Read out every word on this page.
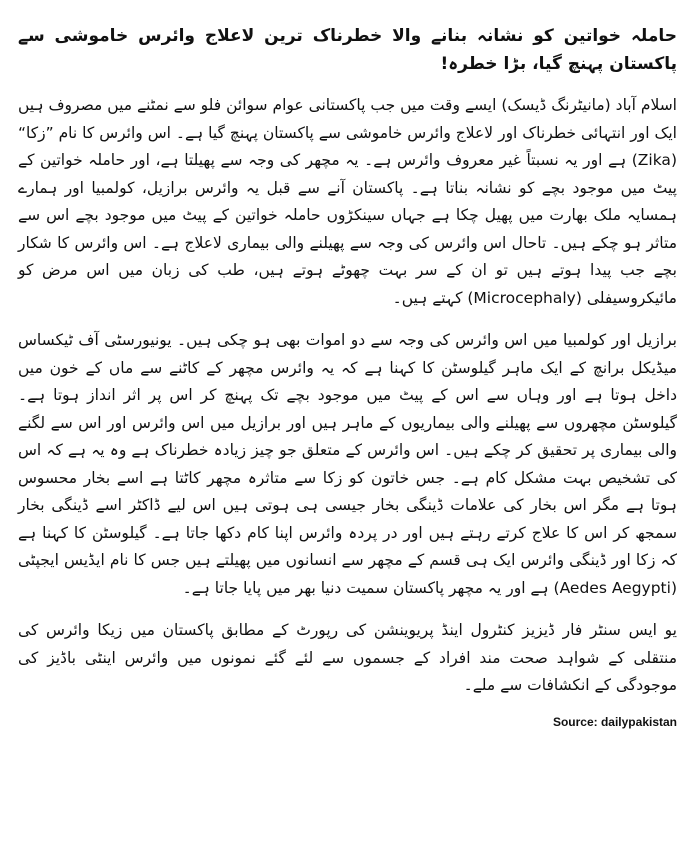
حاملہ خواتین کو نشانہ بنانے والا خطرناک ترین لاعلاج وائرس خاموشی سے پاکستان پہنچ گیا، بڑا خطرہ!
اسلام آباد (مانیٹرنگ ڈیسک) ایسے وقت میں جب پاکستانی عوام سوائن فلو سے نمٹنے میں مصروف ہیں ایک اور انتہائی خطرناک اور لاعلاج وائرس خاموشی سے پاکستان پہنچ گیا ہے۔ اس وائرس کا نام ”زکا“ (Zika) ہے اور یہ نسبتاً غیر معروف وائرس ہے۔ یہ مچھر کی وجہ سے پھیلتا ہے، اور حاملہ خواتین کے پیٹ میں موجود بچے کو نشانہ بناتا ہے۔ پاکستان آنے سے قبل یہ وائرس برازیل، کولمبیا اور ہمارے ہمسایہ ملک بھارت میں پھیل چکا ہے جہاں سینکڑوں حاملہ خواتین کے پیٹ میں موجود بچے اس سے متاثر ہو چکے ہیں۔ تاحال اس وائرس کی وجہ سے پھیلنے والی بیماری لاعلاج ہے۔ اس وائرس کا شکار بچے جب پیدا ہوتے ہیں تو ان کے سر بہت چھوٹے ہوتے ہیں، طب کی زبان میں اس مرض کو مائیکروسیفلی (Microcephaly) کہتے ہیں۔
برازیل اور کولمبیا میں اس وائرس کی وجہ سے دو اموات بھی ہو چکی ہیں۔ یونیورسٹی آف ٹیکساس میڈیکل برانچ کے ایک ماہر گیلوسٹن کا کہنا ہے کہ یہ وائرس مچھر کے کاٹنے سے ماں کے خون میں داخل ہوتا ہے اور وہاں سے اس کے پیٹ میں موجود بچے تک پہنچ کر اس پر اثر انداز ہوتا ہے۔ گیلوسٹن مچھروں سے پھیلنے والی بیماریوں کے ماہر ہیں اور برازیل میں اس وائرس اور اس سے لگنے والی بیماری پر تحقیق کر چکے ہیں۔ اس وائرس کے متعلق جو چیز زیادہ خطرناک ہے وہ یہ ہے کہ اس کی تشخیص بہت مشکل کام ہے۔ جس خاتون کو زکا سے متاثرہ مچھر کاٹتا ہے اسے بخار محسوس ہوتا ہے مگر اس بخار کی علامات ڈینگی بخار جیسی ہی ہوتی ہیں اس لیے ڈاکٹر اسے ڈینگی بخار سمجھ کر اس کا علاج کرتے رہتے ہیں اور در پردہ وائرس اپنا کام دکھا جاتا ہے۔ گیلوسٹن کا کہنا ہے کہ زکا اور ڈینگی وائرس ایک ہی قسم کے مچھر سے انسانوں میں پھیلتے ہیں جس کا نام ایڈیس ایجپٹی (Aedes Aegypti) ہے اور یہ مچھر پاکستان سمیت دنیا بھر میں پایا جاتا ہے۔
یو ایس سنٹر فار ڈیزیز کنٹرول اینڈ پریوینشن کی رپورٹ کے مطابق پاکستان میں زیکا وائرس کی منتقلی کے شواہد صحت مند افراد کے جسموں سے لئے گئے نمونوں میں وائرس اینٹی باڈیز کی موجودگی کے انکشافات سے ملے۔
Source: dailypakistan
